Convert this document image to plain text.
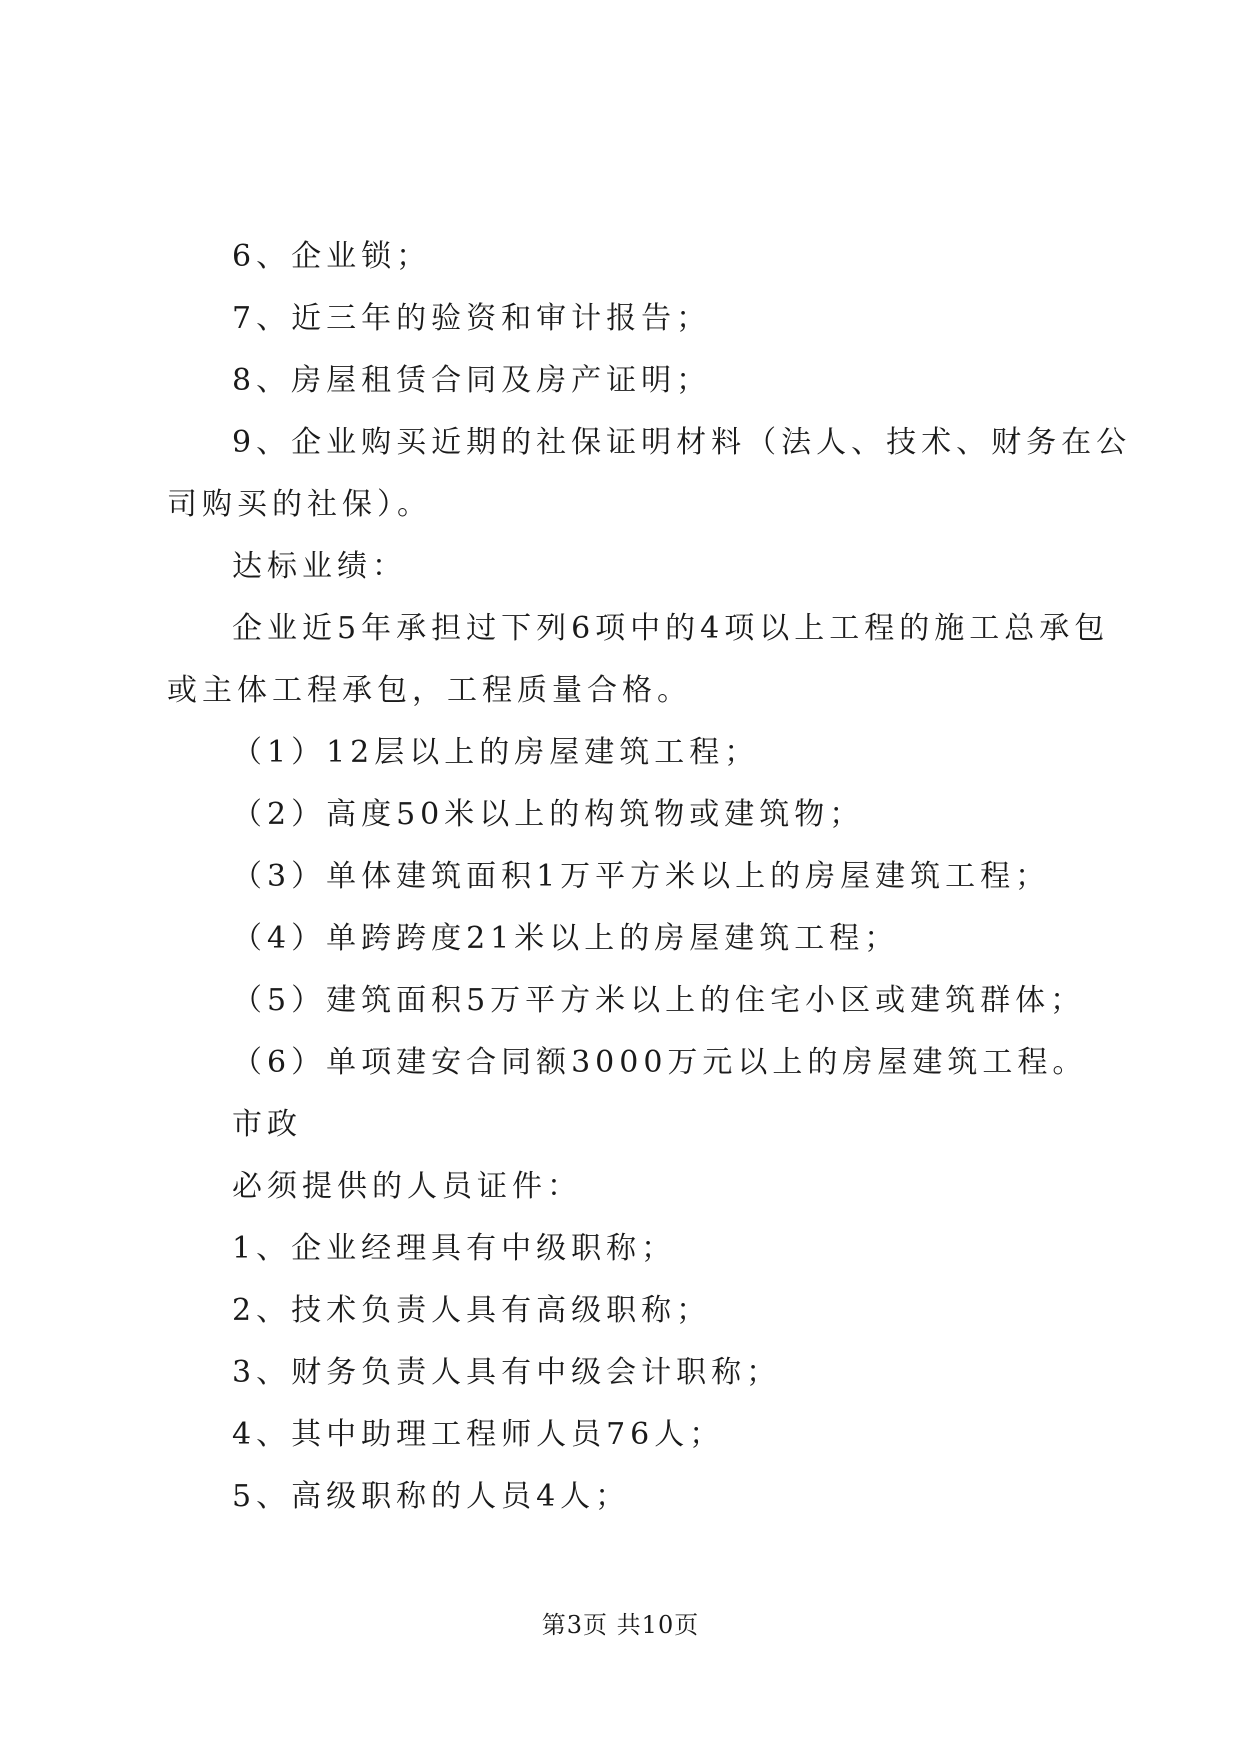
6、企业锁；
7、近三年的验资和审计报告；
8、房屋租赁合同及房产证明；
9、企业购买近期的社保证明材料（法人、技术、财务在公
司购买的社保）。
达标业绩：
企业近5年承担过下列6项中的4项以上工程的施工总承包
或主体工程承包，工程质量合格。
（1）12层以上的房屋建筑工程；
（2）高度50米以上的构筑物或建筑物；
（3）单体建筑面积1万平方米以上的房屋建筑工程；
（4）单跨跨度21米以上的房屋建筑工程；
（5）建筑面积5万平方米以上的住宅小区或建筑群体；
（6）单项建安合同额3000万元以上的房屋建筑工程。
市政
必须提供的人员证件：
1、企业经理具有中级职称；
2、技术负责人具有高级职称；
3、财务负责人具有中级会计职称；
4、其中助理工程师人员76人；
5、高级职称的人员4人；
第3页 共10页
